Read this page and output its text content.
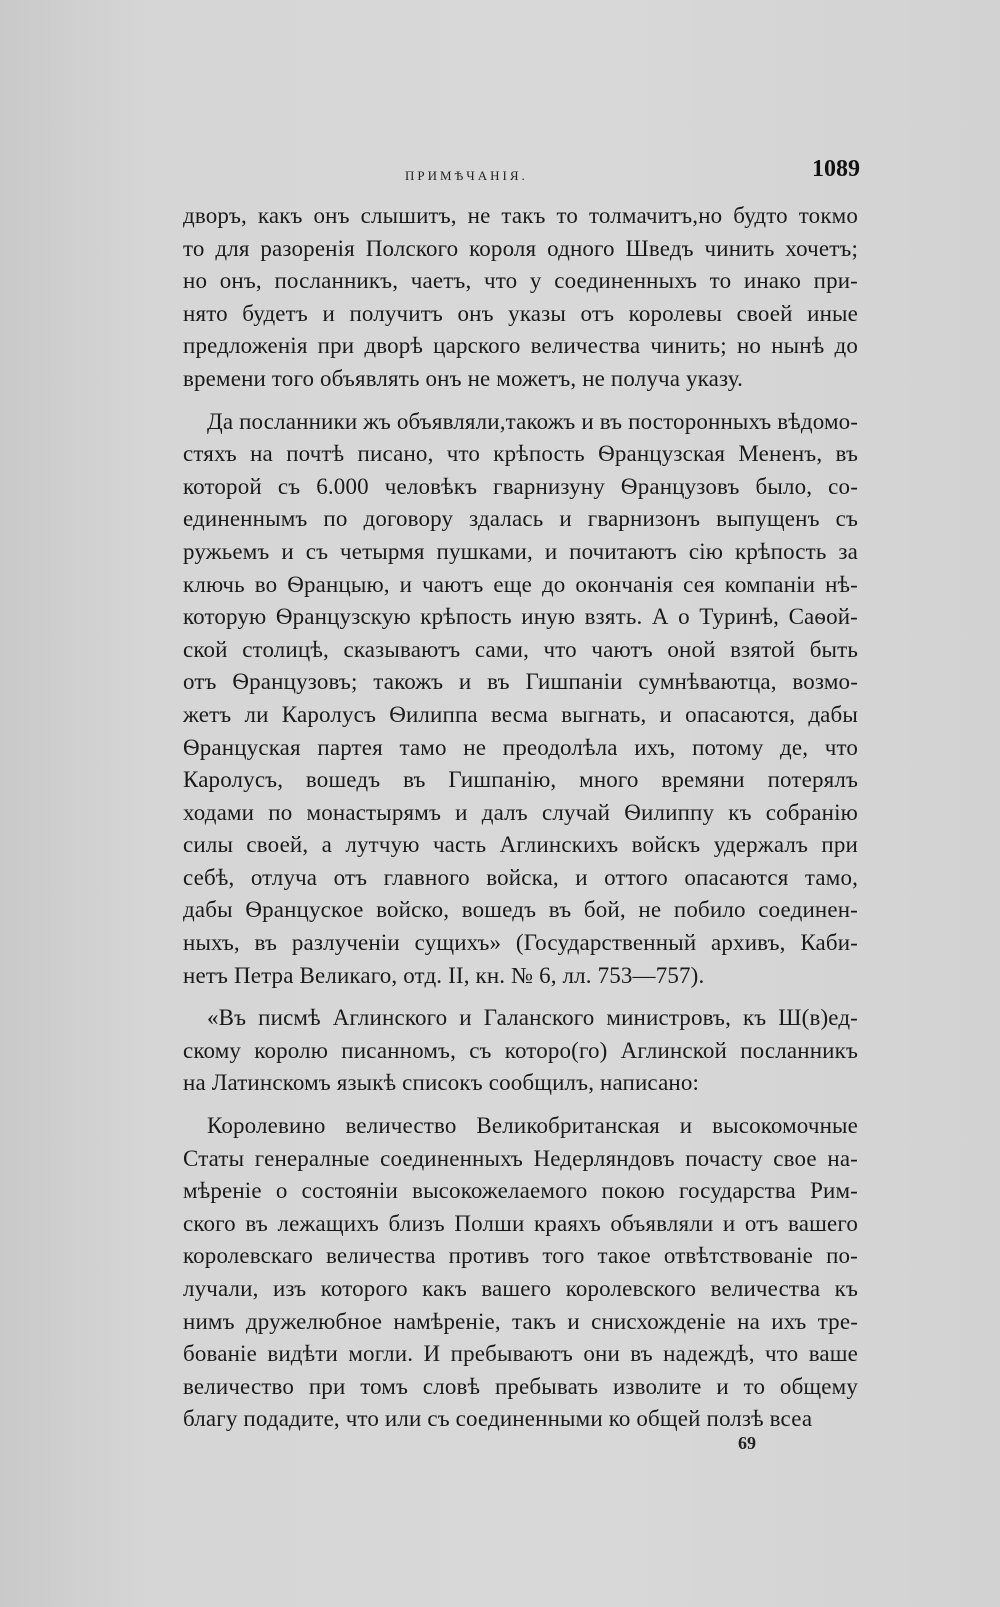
ПРИМѢЧАНІЯ.	1089
дворъ, какъ онъ слышитъ, не такъ то толмачитъ,но будто токмо
то для разоренія Полского короля одного Шведъ чинить хочетъ;
но онъ, посланникъ, чаетъ, что у соединенныхъ то инако при-
нято будетъ и получитъ онъ указы отъ королевы своей иные
предложенія при дворѣ царского величества чинить; но нынѣ до
времени того объявлять онъ не можетъ, не получа указу.
Да посланники жъ объявляли,такожъ и въ посторонныхъ вѣдомо-
стяхъ на почтѣ писано, что крѣпость Ѳранцузская Мененъ, въ
которой съ 6.000 человѣкъ гварнизуну Ѳранцузовъ было, со-
единеннымъ по договору здалась и гварнизонъ выпущенъ съ
ружьемъ и съ четырмя пушками, и почитаютъ сію крѣпость за
ключь во Ѳранцыю, и чаютъ еще до окончанія сея компаніи нѣ-
которую Ѳранцузскую крѣпость иную взять. А о Туринѣ, Саѳой-
ской столицѣ, сказываютъ сами, что чаютъ оной взятой быть
отъ Ѳранцузовъ; такожъ и въ Гишпаніи сумнѣваютца, возмо-
жетъ ли Каролусъ Ѳилиппа весма выгнать, и опасаются, дабы
Ѳранцуская партея тамо не преодолѣла ихъ, потому де, что
Каролусъ, вошедъ въ Гишпанію, много времяни потерялъ
ходами по монастырямъ и далъ случай Ѳилиппу къ собранію
силы своей, а лутчую часть Аглинскихъ войскъ удержалъ при
себѣ, отлуча отъ главного войска, и оттого опасаются тамо,
дабы Ѳранцуское войско, вошедъ въ бой, не побило соединен-
ныхъ, въ разлученіи сущихъ» (Государственный архивъ, Каби-
нетъ Петра Великаго, отд. II, кн. № 6, лл. 753—757).
«Въ писмѣ Аглинского и Галанского министровъ, къ Ш(в)ед-
скому королю писанномъ, съ которо(го) Аглинской посланникъ
на Латинскомъ языкѣ списокъ сообщилъ, написано:
Королевино величество Великобританская и высокомочные
Статы генералные соединенныхъ Недерляндовъ почасту свое на-
мѣреніе о состояніи высокожелаемого покою государства Рим-
ского въ лежащихъ близъ Полши краяхъ объявляли и отъ вашего
королевскаго величества противъ того такое отвѣтствованіе по-
лучали, изъ которого какъ вашего королевского величества къ
нимъ дружелюбное намѣреніе, такъ и снисхожденіе на ихъ тре-
бованіе видѣти могли. И пребываютъ они въ надеждѣ, что ваше
величество при томъ словѣ пребывать изволите и то общему
благу подадите, что или съ соединенными ко общей ползѣ всеа
69
